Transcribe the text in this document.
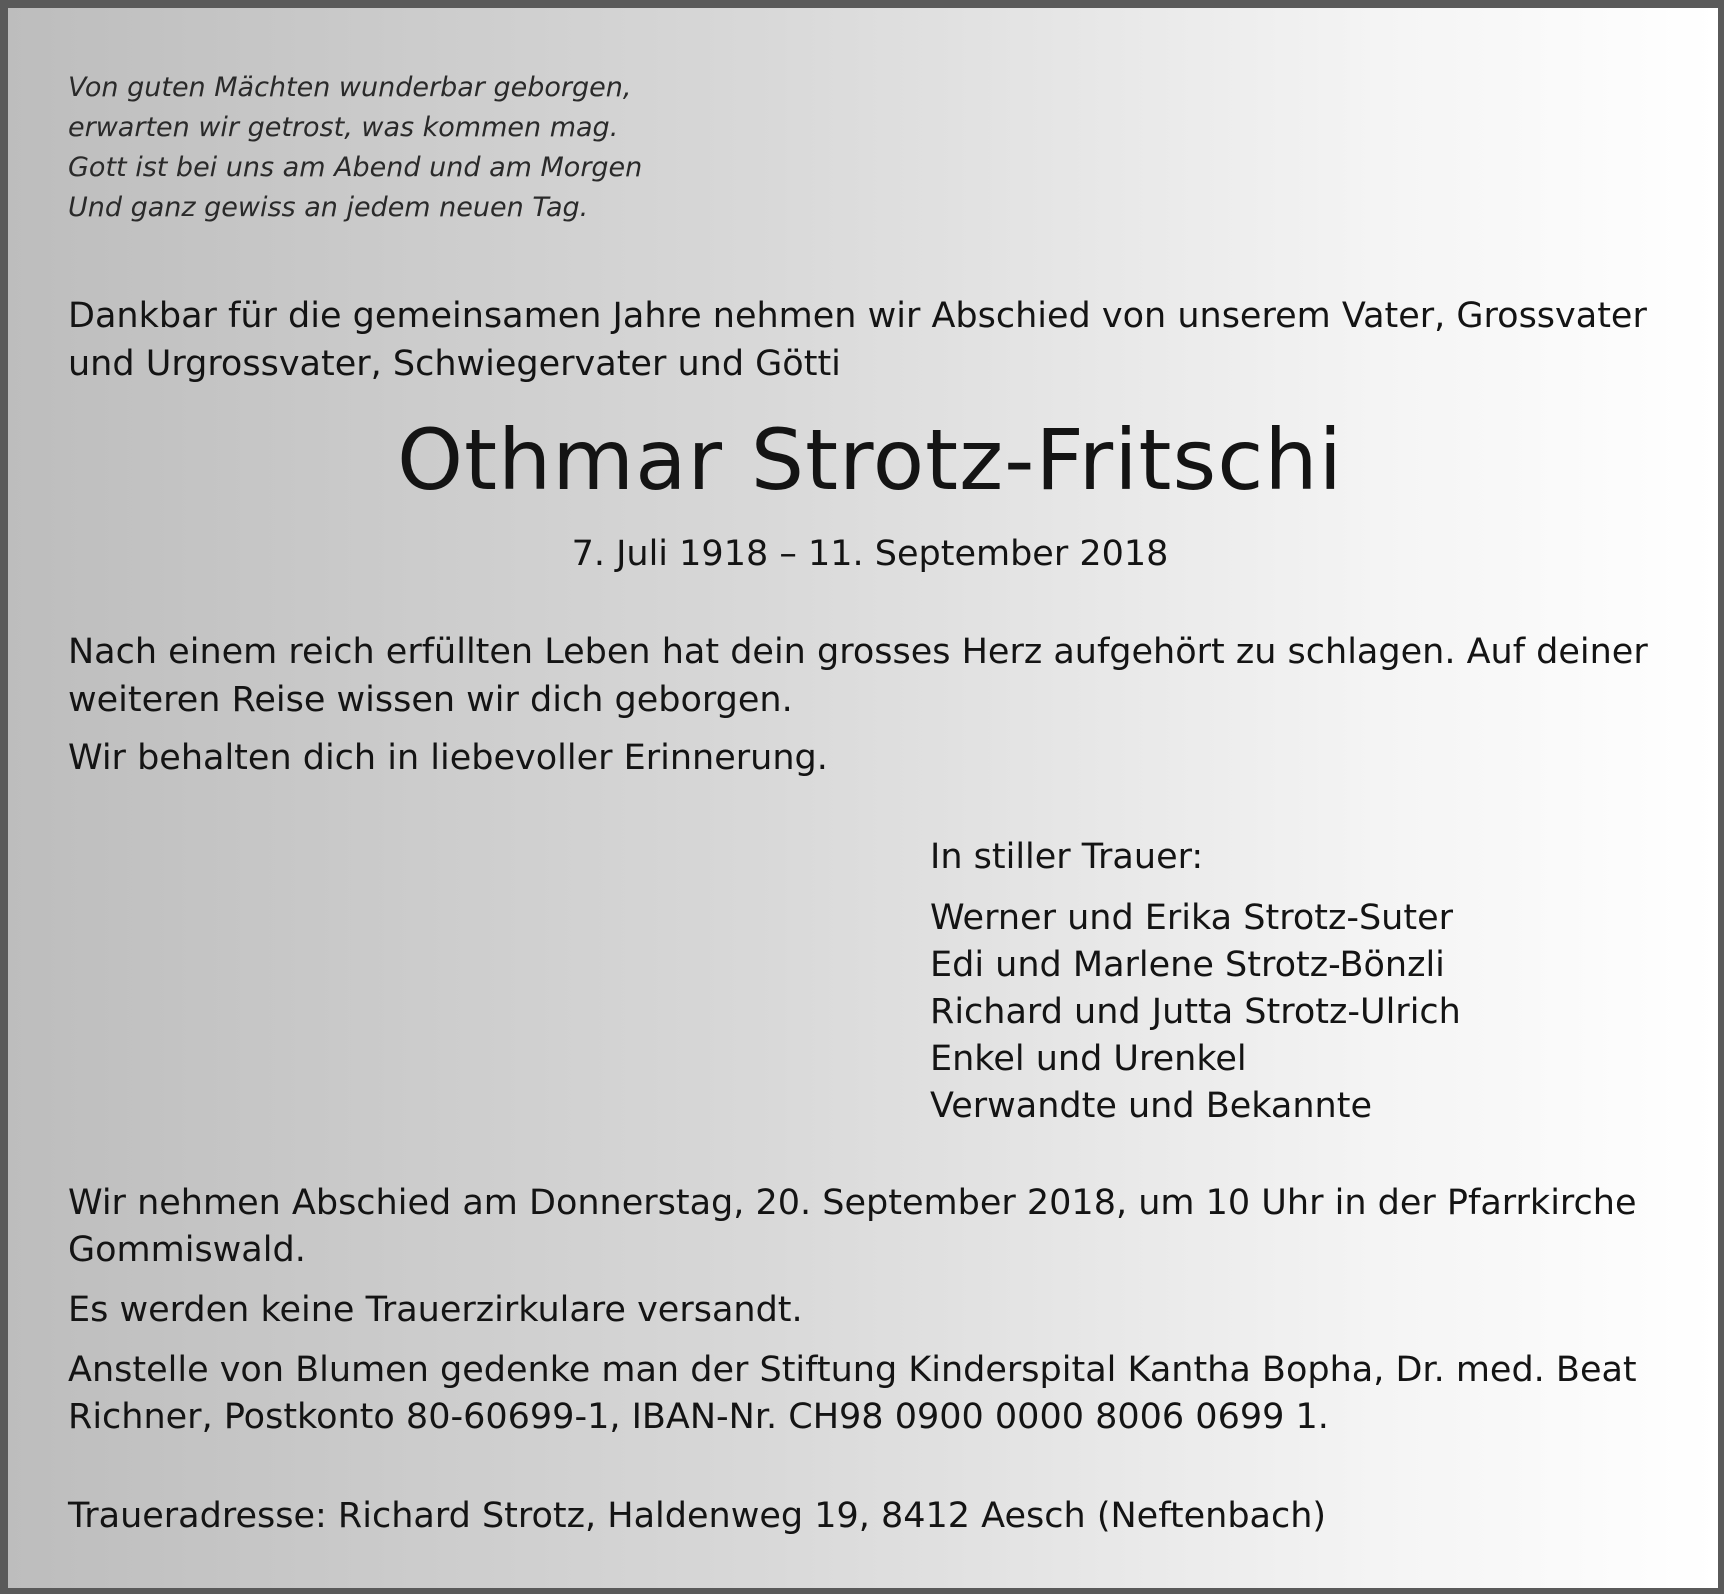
Von guten Mächten wunderbar geborgen,
erwarten wir getrost, was kommen mag.
Gott ist bei uns am Abend und am Morgen
Und ganz gewiss an jedem neuen Tag.
Dankbar für die gemeinsamen Jahre nehmen wir Abschied von unserem Vater, Grossvater
und Urgrossvater, Schwiegervater und Götti
Othmar Strotz-Fritschi
7. Juli 1918 – 11. September 2018
Nach einem reich erfüllten Leben hat dein grosses Herz aufgehört zu schlagen. Auf deiner
weiteren Reise wissen wir dich geborgen.
Wir behalten dich in liebevoller Erinnerung.
In stiller Trauer:
Werner und Erika Strotz-Suter
Edi und Marlene Strotz-Bönzli
Richard und Jutta Strotz-Ulrich
Enkel und Urenkel
Verwandte und Bekannte
Wir nehmen Abschied am Donnerstag, 20. September 2018, um 10 Uhr in der Pfarrkirche
Gommiswald.
Es werden keine Trauerzirkulare versandt.
Anstelle von Blumen gedenke man der Stiftung Kinderspital Kantha Bopha, Dr. med. Beat
Richner, Postkonto 80-60699-1, IBAN-Nr. CH98 0900 0000 8006 0699 1.
Traueradresse: Richard Strotz, Haldenweg 19, 8412 Aesch (Neftenbach)
